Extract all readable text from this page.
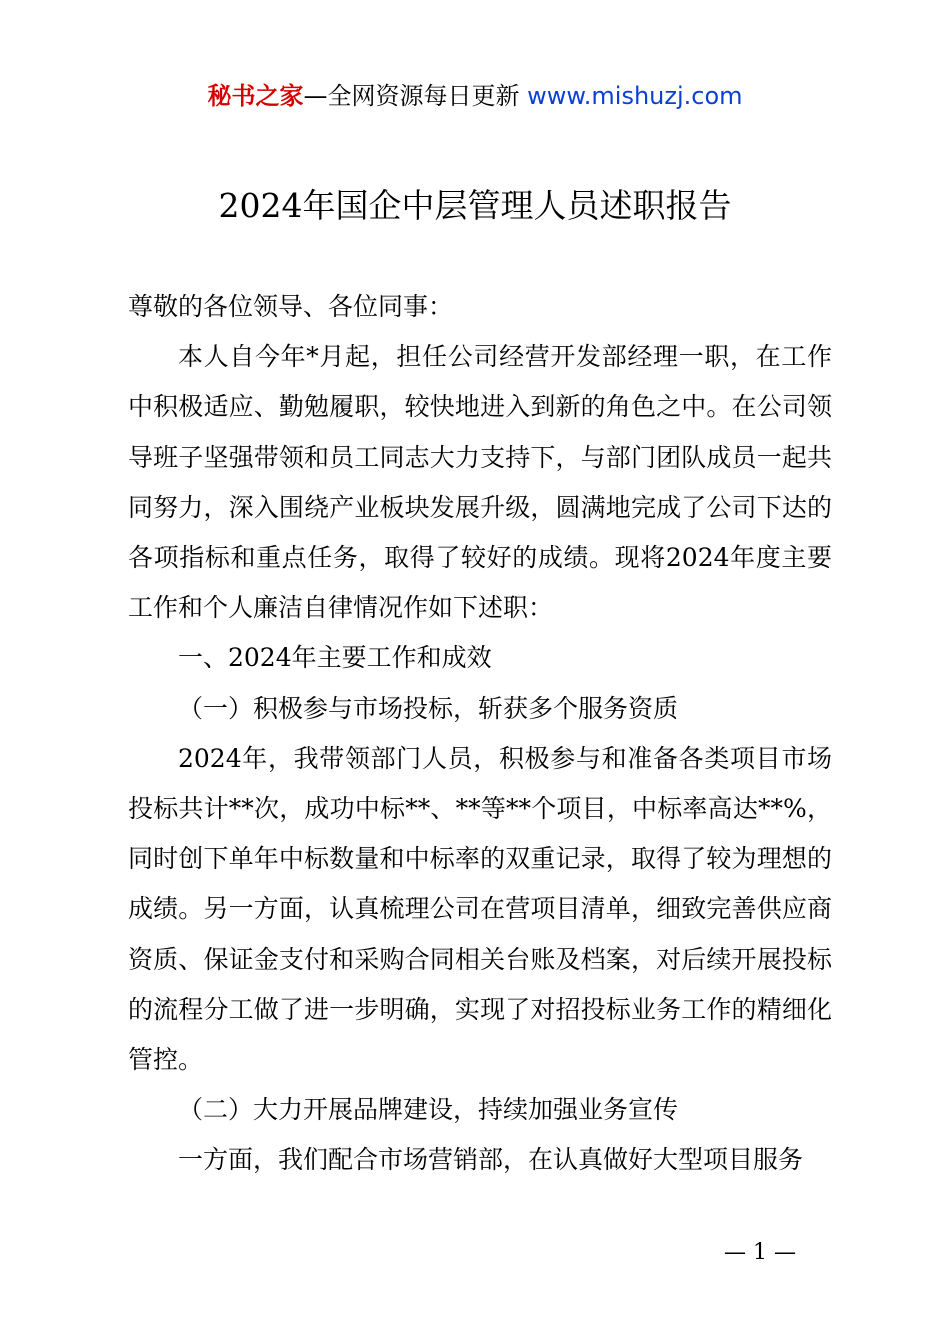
秘书之家—全网资源每日更新 www.mishuzj.com
2024年国企中层管理人员述职报告

尊敬的各位领导、各位同事：

本人自今年*月起，担任公司经营开发部经理一职，在工作中积极适应、勤勉履职，较快地进入到新的角色之中。在公司领导班子坚强带领和员工同志大力支持下，与部门团队成员一起共同努力，深入围绕产业板块发展升级，圆满地完成了公司下达的各项指标和重点任务，取得了较好的成绩。现将2024年度主要工作和个人廉洁自律情况作如下述职：

一、2024年主要工作和成效

（一）积极参与市场投标，斩获多个服务资质

2024年，我带领部门人员，积极参与和准备各类项目市场投标共计**次，成功中标**、**等**个项目，中标率高达**%，同时创下单年中标数量和中标率的双重记录，取得了较为理想的成绩。另一方面，认真梳理公司在营项目清单，细致完善供应商资质、保证金支付和采购合同相关台账及档案，对后续开展投标的流程分工做了进一步明确，实现了对招投标业务工作的精细化管控。

（二）大力开展品牌建设，持续加强业务宣传

一方面，我们配合市场营销部，在认真做好大型项目服务

— 1 —
